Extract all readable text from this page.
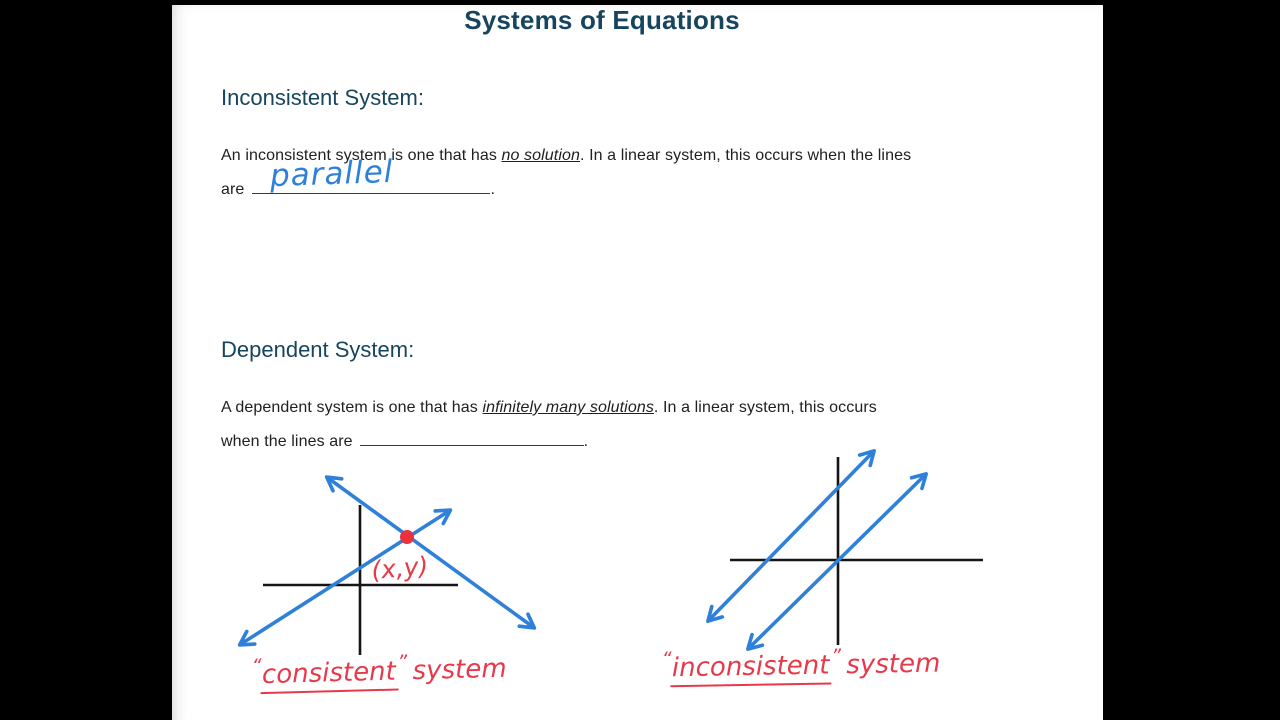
Systems of Equations
Inconsistent System:
An inconsistent system is one that has no solution. In a linear system, this occurs when the lines
are	.
parallel
Dependent System:
A dependent system is one that has infinitely many solutions. In a linear system, this occurs
when the lines are	.
(x,y)
“consistent” system	“inconsistent” system
